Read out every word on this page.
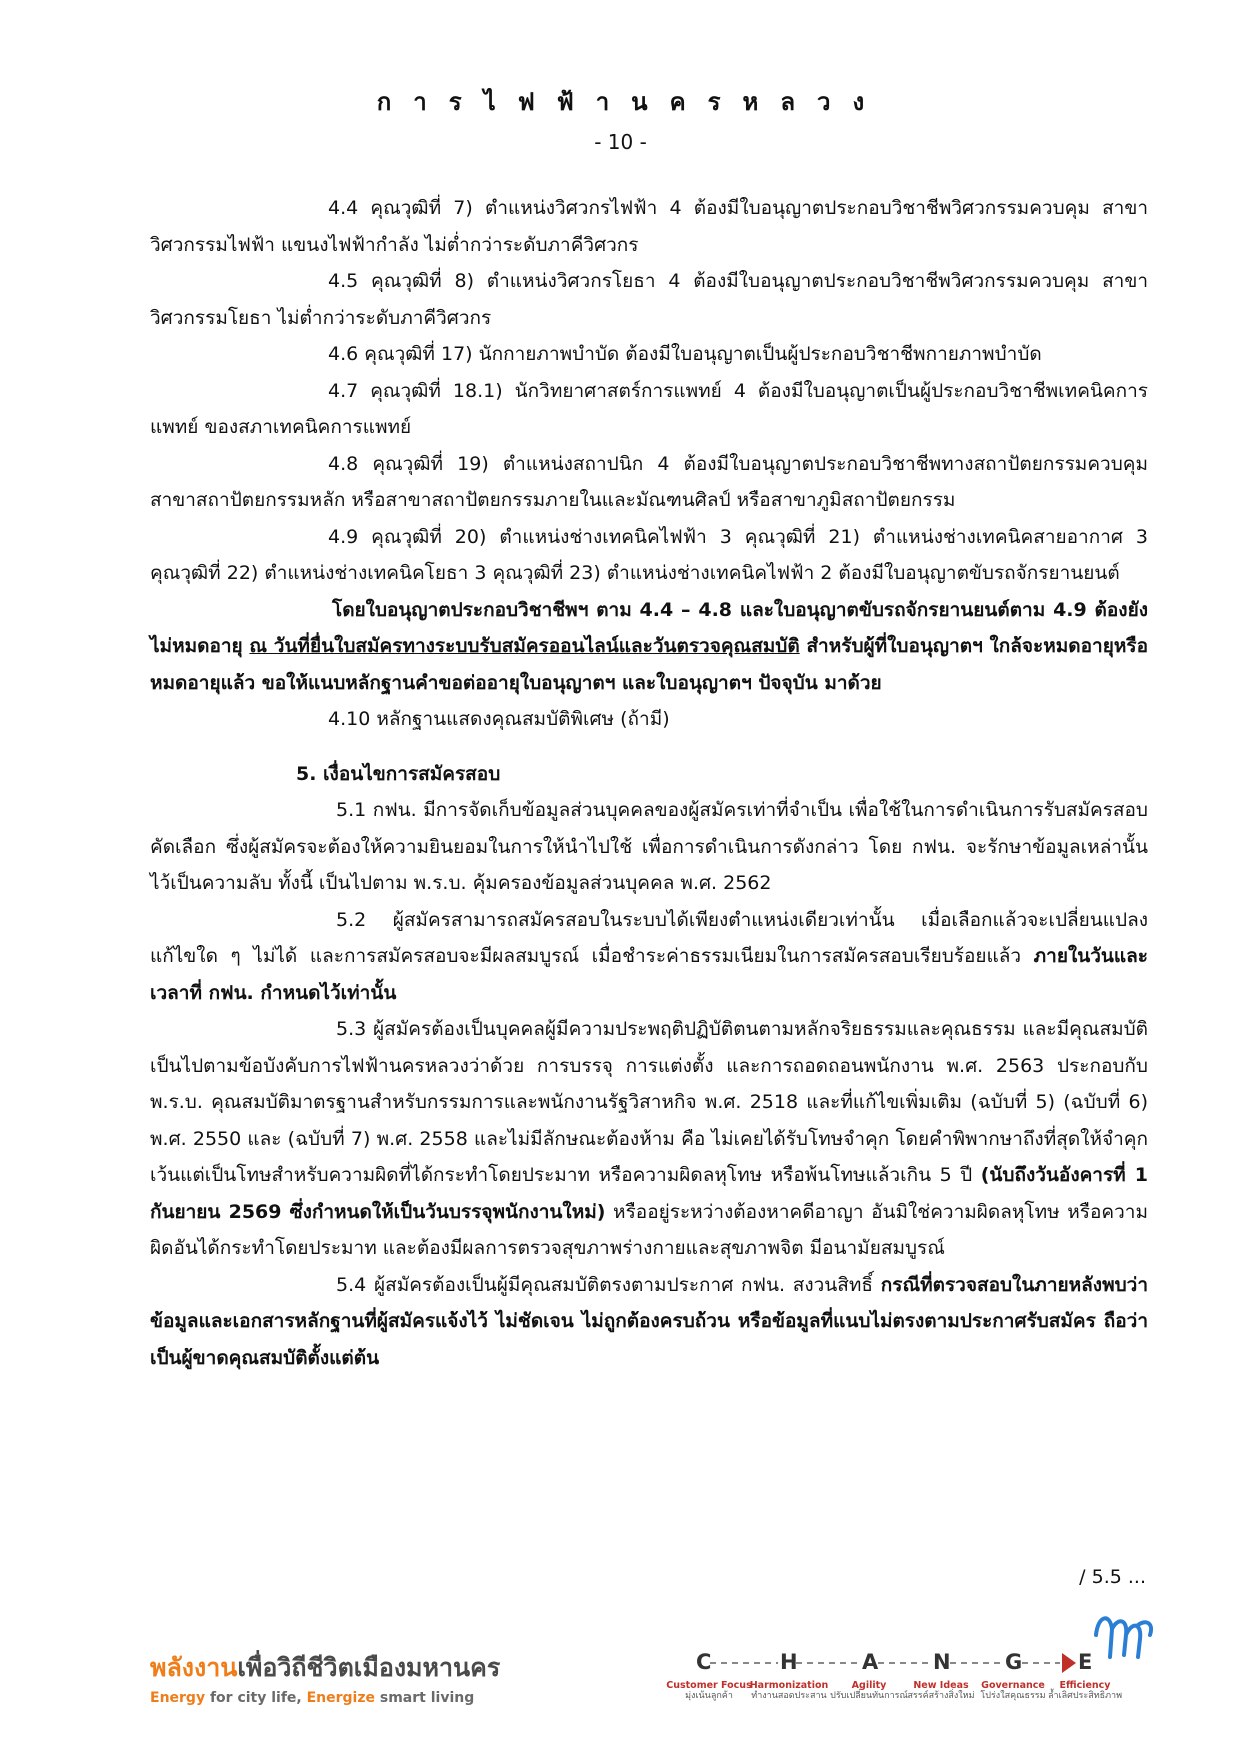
การไฟฟ้านครหลวง
- 10 -

4.4 คุณวุฒิที่ 7) ตำแหน่งวิศวกรไฟฟ้า 4 ต้องมีใบอนุญาตประกอบวิชาชีพวิศวกรรมควบคุม สาขาวิศวกรรมไฟฟ้า แขนงไฟฟ้ากำลัง ไม่ต่ำกว่าระดับภาคีวิศวกร

4.5 คุณวุฒิที่ 8) ตำแหน่งวิศวกรโยธา 4 ต้องมีใบอนุญาตประกอบวิชาชีพวิศวกรรมควบคุม สาขาวิศวกรรมโยธา ไม่ต่ำกว่าระดับภาคีวิศวกร

4.6 คุณวุฒิที่ 17) นักกายภาพบำบัด ต้องมีใบอนุญาตเป็นผู้ประกอบวิชาชีพกายภาพบำบัด

4.7 คุณวุฒิที่ 18.1) นักวิทยาศาสตร์การแพทย์ 4 ต้องมีใบอนุญาตเป็นผู้ประกอบวิชาชีพเทคนิคการแพทย์ ของสภาเทคนิคการแพทย์

4.8 คุณวุฒิที่ 19) ตำแหน่งสถาปนิก 4 ต้องมีใบอนุญาตประกอบวิชาชีพทางสถาปัตยกรรมควบคุม สาขาสถาปัตยกรรมหลัก หรือสาขาสถาปัตยกรรมภายในและมัณฑนศิลป์ หรือสาขาภูมิสถาปัตยกรรม

4.9 คุณวุฒิที่ 20) ตำแหน่งช่างเทคนิคไฟฟ้า 3 คุณวุฒิที่ 21) ตำแหน่งช่างเทคนิคสายอากาศ 3 คุณวุฒิที่ 22) ตำแหน่งช่างเทคนิคโยธา 3 คุณวุฒิที่ 23) ตำแหน่งช่างเทคนิคไฟฟ้า 2 ต้องมีใบอนุญาตขับรถจักรยานยนต์

โดยใบอนุญาตประกอบวิชาชีพฯ ตาม 4.4 – 4.8 และใบอนุญาตขับรถจักรยานยนต์ตาม 4.9 ต้องยังไม่หมดอายุ ณ วันที่ยื่นใบสมัครทางระบบรับสมัครออนไลน์และวันตรวจคุณสมบัติ สำหรับผู้ที่ใบอนุญาตฯ ใกล้จะหมดอายุหรือหมดอายุแล้ว ขอให้แนบหลักฐานคำขอต่ออายุใบอนุญาตฯ และใบอนุญาตฯ ปัจจุบัน มาด้วย

4.10 หลักฐานแสดงคุณสมบัติพิเศษ (ถ้ามี)

5. เงื่อนไขการสมัครสอบ

5.1 กฟน. มีการจัดเก็บข้อมูลส่วนบุคคลของผู้สมัครเท่าที่จำเป็น เพื่อใช้ในการดำเนินการรับสมัครสอบคัดเลือก ซึ่งผู้สมัครจะต้องให้ความยินยอมในการให้นำไปใช้ เพื่อการดำเนินการดังกล่าว โดย กฟน. จะรักษาข้อมูลเหล่านั้นไว้เป็นความลับ ทั้งนี้ เป็นไปตาม พ.ร.บ. คุ้มครองข้อมูลส่วนบุคคล พ.ศ. 2562

5.2 ผู้สมัครสามารถสมัครสอบในระบบได้เพียงตำแหน่งเดียวเท่านั้น เมื่อเลือกแล้วจะเปลี่ยนแปลงแก้ไขใด ๆ ไม่ได้ และการสมัครสอบจะมีผลสมบูรณ์ เมื่อชำระค่าธรรมเนียมในการสมัครสอบเรียบร้อยแล้ว ภายในวันและเวลาที่ กฟน. กำหนดไว้เท่านั้น

5.3 ผู้สมัครต้องเป็นบุคคลผู้มีความประพฤติปฏิบัติตนตามหลักจริยธรรมและคุณธรรม และมีคุณสมบัติเป็นไปตามข้อบังคับการไฟฟ้านครหลวงว่าด้วย การบรรจุ การแต่งตั้ง และการถอดถอนพนักงาน พ.ศ. 2563 ประกอบกับ พ.ร.บ. คุณสมบัติมาตรฐานสำหรับกรรมการและพนักงานรัฐวิสาหกิจ พ.ศ. 2518 และที่แก้ไขเพิ่มเติม (ฉบับที่ 5) (ฉบับที่ 6) พ.ศ. 2550 และ (ฉบับที่ 7) พ.ศ. 2558 และไม่มีลักษณะต้องห้าม คือ ไม่เคยได้รับโทษจำคุก โดยคำพิพากษาถึงที่สุดให้จำคุก เว้นแต่เป็นโทษสำหรับความผิดที่ได้กระทำโดยประมาท หรือความผิดลหุโทษ หรือพ้นโทษแล้วเกิน 5 ปี (นับถึงวันอังคารที่ 1 กันยายน 2569 ซึ่งกำหนดให้เป็นวันบรรจุพนักงานใหม่) หรืออยู่ระหว่างต้องหาคดีอาญา อันมิใช่ความผิดลหุโทษ หรือความผิดอันได้กระทำโดยประมาท และต้องมีผลการตรวจสุขภาพร่างกายและสุขภาพจิต มีอนามัยสมบูรณ์

5.4 ผู้สมัครต้องเป็นผู้มีคุณสมบัติตรงตามประกาศ กฟน. สงวนสิทธิ์ กรณีที่ตรวจสอบในภายหลังพบว่าข้อมูลและเอกสารหลักฐานที่ผู้สมัครแจ้งไว้ ไม่ชัดเจน ไม่ถูกต้องครบถ้วน หรือข้อมูลที่แนบไม่ตรงตามประกาศรับสมัคร ถือว่าเป็นผู้ขาดคุณสมบัติตั้งแต่ต้น

/ 5.5 ...
พลังงานเพื่อวิถีชีวิตเมืองมหานคร
Energy for city life, Energize smart living
C	H	A	N	G	E
Customer Focus
มุ่งเน้นลูกค้า
Harmonization
ทำงานสอดประสาน
Agility
ปรับเปลี่ยนทันการณ์
New Ideas
สรรค์สร้างสิ่งใหม่
Governance
โปร่งใสคุณธรรม
Efficiency
ล้ำเลิศประสิทธิภาพ
